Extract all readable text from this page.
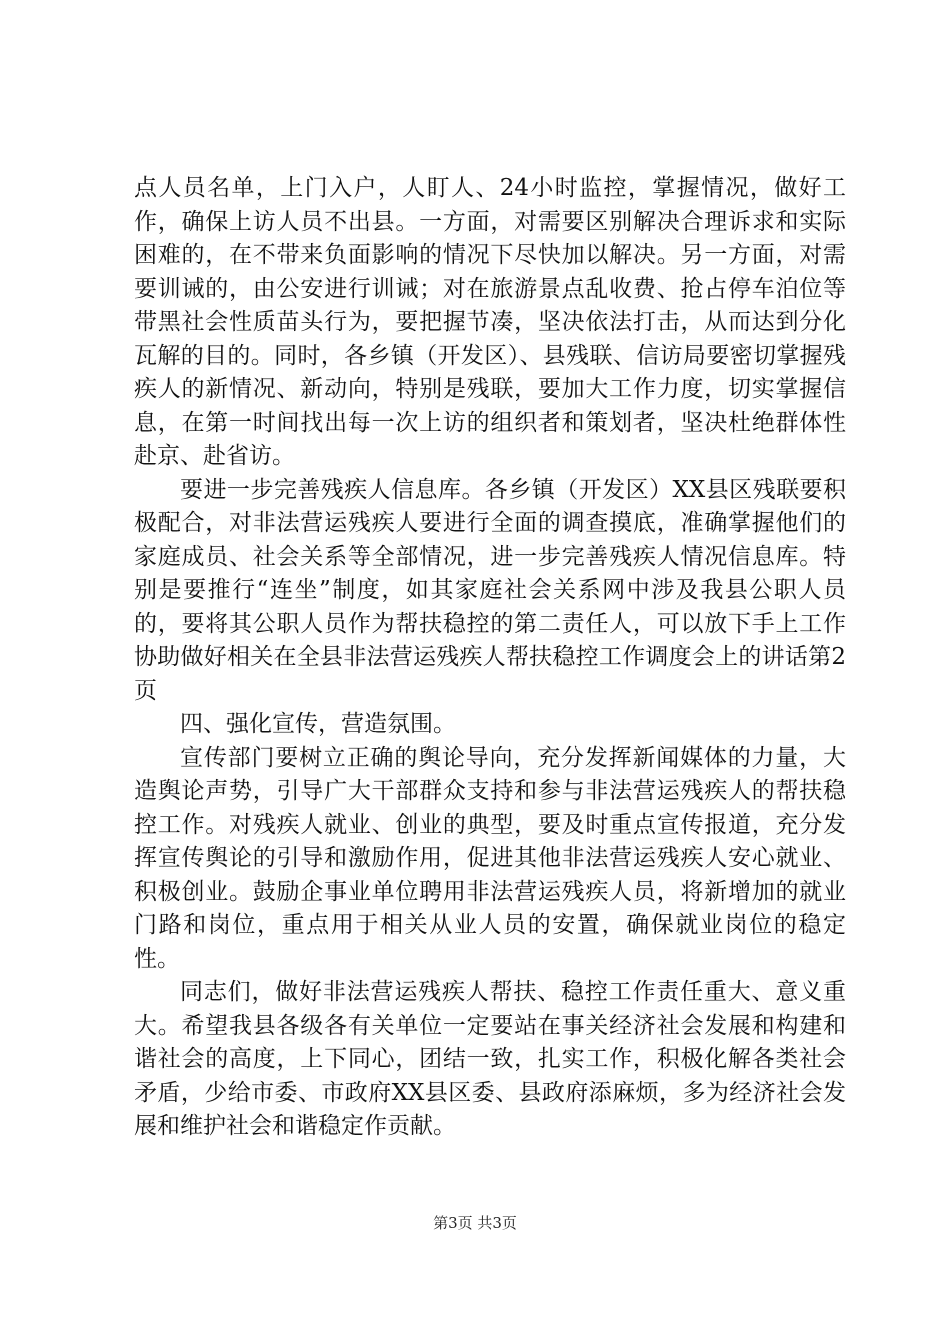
点人员名单，上门入户，人盯人、24小时监控，掌握情况，做好工作，确保上访人员不出县。一方面，对需要区别解决合理诉求和实际困难的，在不带来负面影响的情况下尽快加以解决。另一方面，对需要训诫的，由公安进行训诫；对在旅游景点乱收费、抢占停车泊位等带黑社会性质苗头行为，要把握节凑，坚决依法打击，从而达到分化瓦解的目的。同时，各乡镇（开发区）、县残联、信访局要密切掌握残疾人的新情况、新动向，特别是残联，要加大工作力度，切实掌握信息，在第一时间找出每一次上访的组织者和策划者，坚决杜绝群体性赴京、赴省访。

要进一步完善残疾人信息库。各乡镇（开发区）XX县区残联要积极配合，对非法营运残疾人要进行全面的调查摸底，准确掌握他们的家庭成员、社会关系等全部情况，进一步完善残疾人情况信息库。特别是要推行“连坐”制度，如其家庭社会关系网中涉及我县公职人员的，要将其公职人员作为帮扶稳控的第二责任人，可以放下手上工作协助做好相关在全县非法营运残疾人帮扶稳控工作调度会上的讲话第2页

四、强化宣传，营造氛围。

宣传部门要树立正确的舆论导向，充分发挥新闻媒体的力量，大造舆论声势，引导广大干部群众支持和参与非法营运残疾人的帮扶稳控工作。对残疾人就业、创业的典型，要及时重点宣传报道，充分发挥宣传舆论的引导和激励作用，促进其他非法营运残疾人安心就业、积极创业。鼓励企事业单位聘用非法营运残疾人员，将新增加的就业门路和岗位，重点用于相关从业人员的安置，确保就业岗位的稳定性。

同志们，做好非法营运残疾人帮扶、稳控工作责任重大、意义重大。希望我县各级各有关单位一定要站在事关经济社会发展和构建和谐社会的高度，上下同心，团结一致，扎实工作，积极化解各类社会矛盾，少给市委、市政府XX县区委、县政府添麻烦，多为经济社会发展和维护社会和谐稳定作贡献。

第3页 共3页
